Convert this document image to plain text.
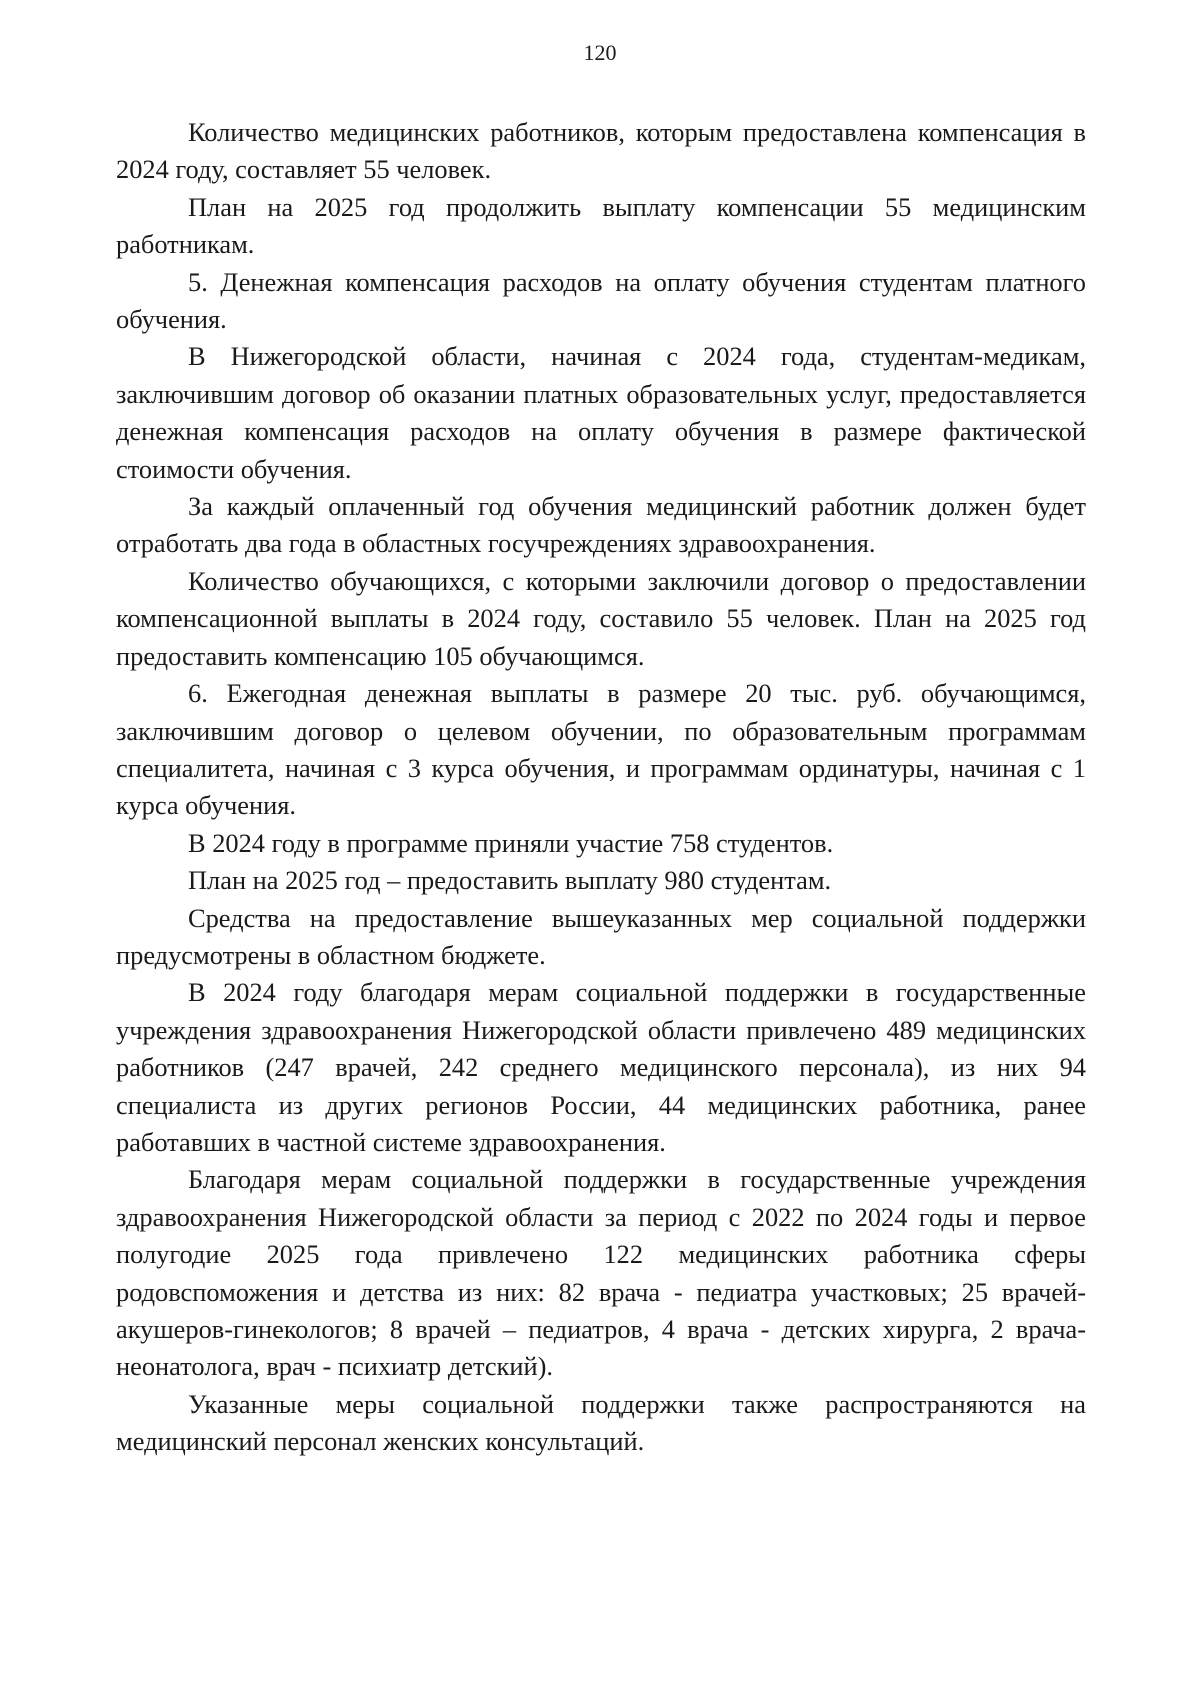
120

Количество медицинских работников, которым предоставлена компенсация в 2024 году, составляет 55 человек.

План на 2025 год продолжить выплату компенсации 55 медицинским работникам.

5. Денежная компенсация расходов на оплату обучения студентам платного обучения.

В Нижегородской области, начиная с 2024 года, студентам-медикам, заключившим договор об оказании платных образовательных услуг, предоставляется денежная компенсация расходов на оплату обучения в размере фактической стоимости обучения.

За каждый оплаченный год обучения медицинский работник должен будет отработать два года в областных госучреждениях здравоохранения.

Количество обучающихся, с которыми заключили договор о предоставлении компенсационной выплаты в 2024 году, составило 55 человек. План на 2025 год предоставить компенсацию 105 обучающимся.

6. Ежегодная денежная выплаты в размере 20 тыс. руб. обучающимся, заключившим договор о целевом обучении, по образовательным программам специалитета, начиная с 3 курса обучения, и программам ординатуры, начиная с 1 курса обучения.

В 2024 году в программе приняли участие 758 студентов.

План на 2025 год – предоставить выплату 980 студентам.

Средства на предоставление вышеуказанных мер социальной поддержки предусмотрены в областном бюджете.

В 2024 году благодаря мерам социальной поддержки в государственные учреждения здравоохранения Нижегородской области привлечено 489 медицинских работников (247 врачей, 242 среднего медицинского персонала), из них 94 специалиста из других регионов России, 44 медицинских работника, ранее работавших в частной системе здравоохранения.

Благодаря мерам социальной поддержки в государственные учреждения здравоохранения Нижегородской области за период с 2022 по 2024 годы и первое полугодие 2025 года привлечено 122 медицинских работника сферы родовспоможения и детства из них: 82 врача - педиатра участковых; 25 врачей-акушеров-гинекологов; 8 врачей – педиатров, 4 врача - детских хирурга, 2 врача-неонатолога, врач - психиатр детский).

Указанные меры социальной поддержки также распространяются на медицинский персонал женских консультаций.
